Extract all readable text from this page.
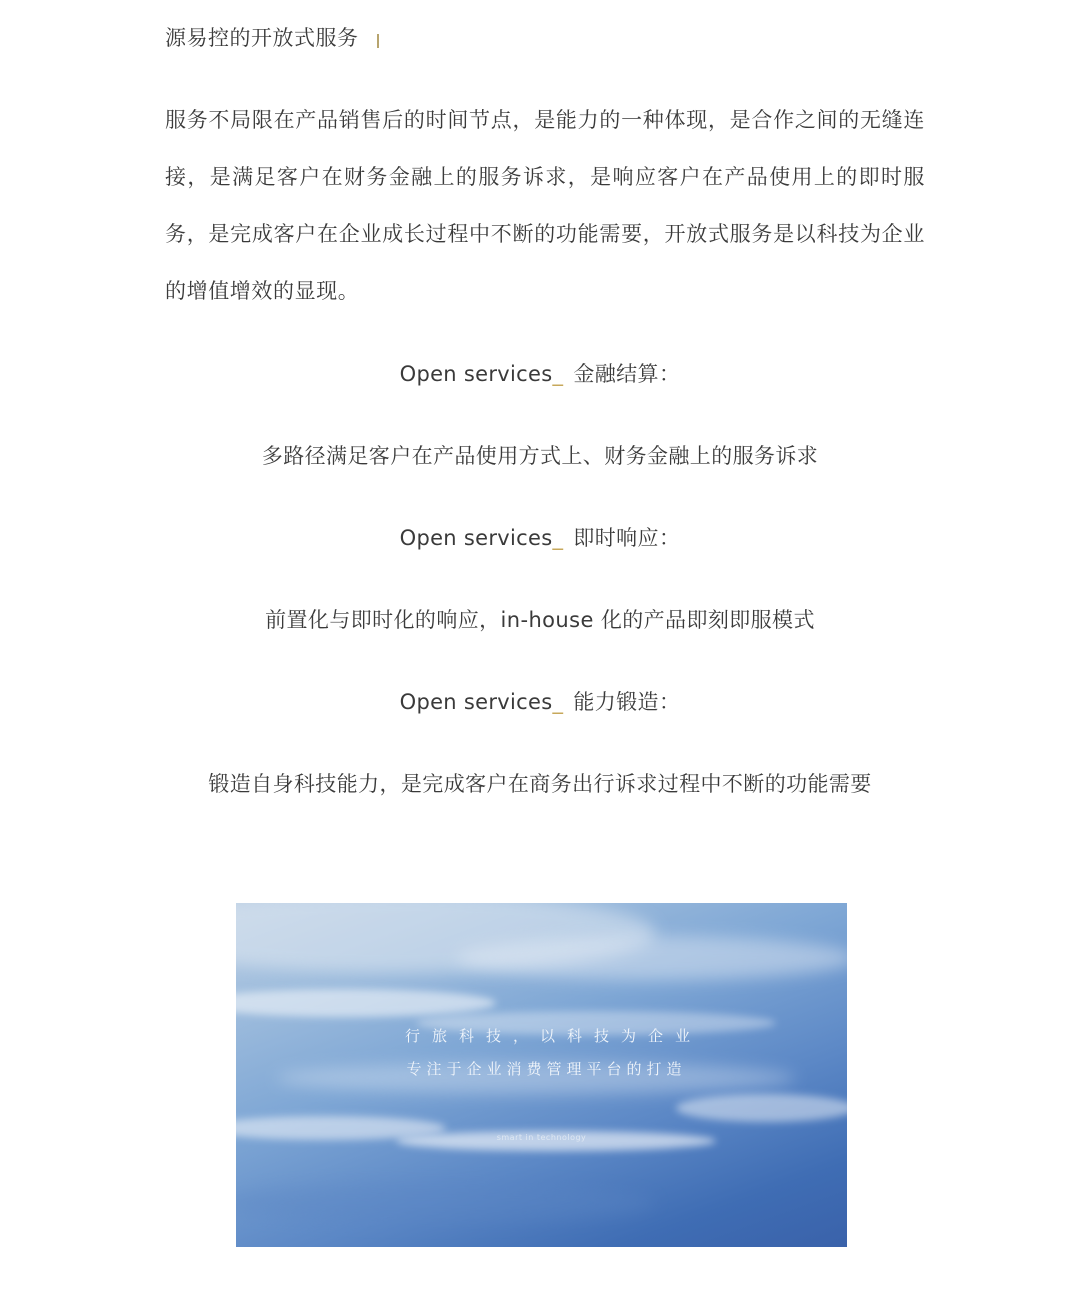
源易控的开放式服务

服务不局限在产品销售后的时间节点，是能力的一种体现，是合作之间的无缝连接，是满足客户在财务金融上的服务诉求，是响应客户在产品使用上的即时服务，是完成客户在企业成长过程中不断的功能需要，开放式服务是以科技为企业的增值增效的显现。

Open services_ 金融结算：
多路径满足客户在产品使用方式上、财务金融上的服务诉求
Open services_ 即时响应：
前置化与即时化的响应，in-house 化的产品即刻即服模式
Open services_ 能力锻造：
锻造自身科技能力，是完成客户在商务出行诉求过程中不断的功能需要
行旅科技，以科技为企业
专注于企业消费管理平台的打造
smart in technology
